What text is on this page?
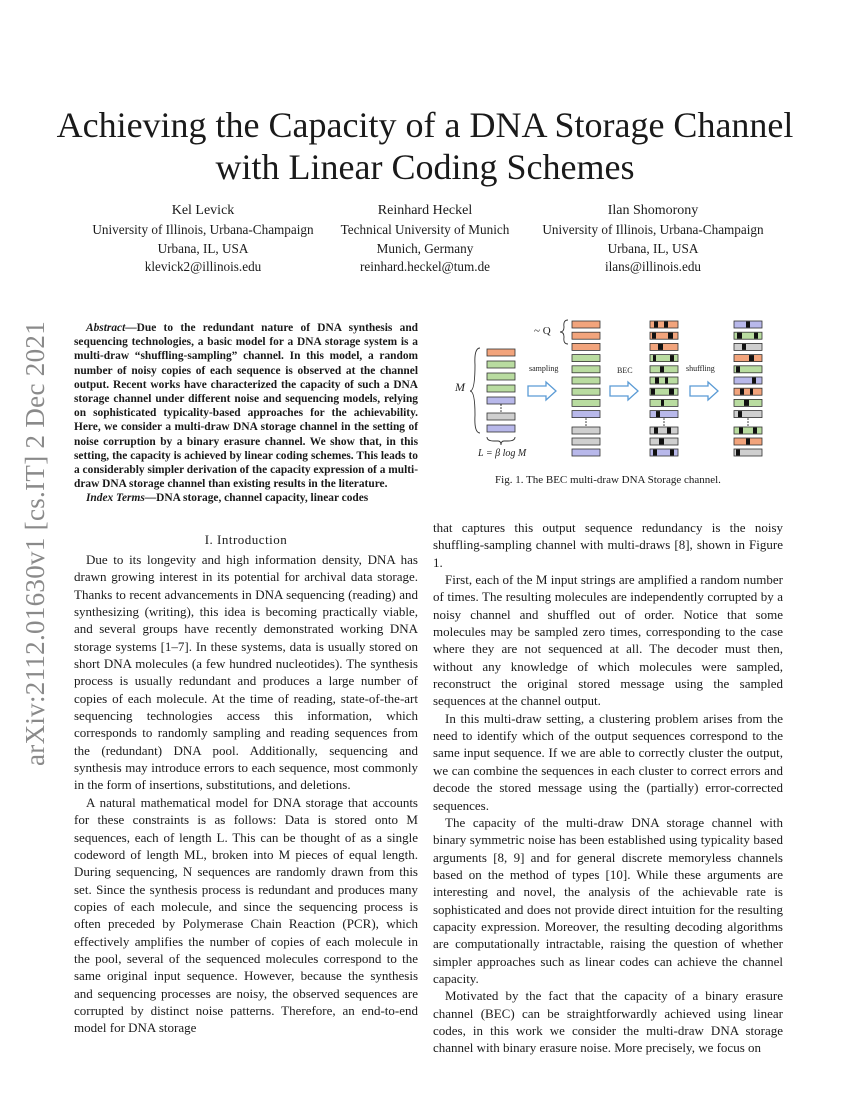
Achieving the Capacity of a DNA Storage Channel
with Linear Coding Schemes
Kel Levick
University of Illinois, Urbana-Champaign
Urbana, IL, USA
klevick2@illinois.edu
Reinhard Heckel
Technical University of Munich
Munich, Germany
reinhard.heckel@tum.de
Ilan Shomorony
University of Illinois, Urbana-Champaign
Urbana, IL, USA
ilans@illinois.edu
arXiv:2112.01630v1 [cs.IT] 2 Dec 2021	Abstract—Due to the redundant nature of DNA synthesis and sequencing technologies, a basic model for a DNA storage system is a multi-draw “shuffling-sampling” channel. In this model, a random number of noisy copies of each sequence is observed at the channel output. Recent works have characterized the capacity of such a DNA storage channel under different noise and sequencing models, relying on sophisticated typicality-based approaches for the achievability. Here, we consider a multi-draw DNA storage channel in the setting of noise corruption by a binary erasure channel. We show that, in this setting, the capacity is achieved by linear coding schemes. This leads to a considerably simpler derivation of the capacity expression of a multi-draw DNA storage channel than existing results in the literature.

Index Terms—DNA storage, channel capacity, linear codes

I. Introduction

Due to its longevity and high information density, DNA has drawn growing interest in its potential for archival data storage. Thanks to recent advancements in DNA sequencing (reading) and synthesizing (writing), this idea is becoming practically viable, and several groups have recently demonstrated working DNA storage systems [1–7]. In these systems, data is usually stored on short DNA molecules (a few hundred nucleotides). The synthesis process is usually redundant and produces a large number of copies of each molecule. At the time of reading, state-of-the-art sequencing technologies access this information, which corresponds to randomly sampling and reading sequences from the (redundant) DNA pool. Additionally, sequencing and synthesis may introduce errors to each sequence, most commonly in the form of insertions, substitutions, and deletions.

A natural mathematical model for DNA storage that accounts for these constraints is as follows: Data is stored onto M sequences, each of length L. This can be thought of as a single codeword of length ML, broken into M pieces of equal length. During sequencing, N sequences are randomly drawn from this set. Since the synthesis process is redundant and produces many copies of each molecule, and since the sequencing process is often preceded by Polymerase Chain Reaction (PCR), which effectively amplifies the number of copies of each molecule in the pool, several of the sequenced molecules correspond to the same original input sequence. However, because the synthesis and sequencing processes are noisy, the observed sequences are corrupted by distinct noise patterns. Therefore, an end-to-end model for DNA storage

that captures this output sequence redundancy is the noisy shuffling-sampling channel with multi-draws [8], shown in Figure 1.

First, each of the M input strings are amplified a random number of times. The resulting molecules are independently corrupted by a noisy channel and shuffled out of order. Notice that some molecules may be sampled zero times, corresponding to the case where they are not sequenced at all. The decoder must then, without any knowledge of which molecules were sampled, reconstruct the original stored message using the sampled sequences at the channel output.

In this multi-draw setting, a clustering problem arises from the need to identify which of the output sequences correspond to the same input sequence. If we are able to correctly cluster the output, we can combine the sequences in each cluster to correct errors and decode the stored message using the (partially) error-corrected sequences.

The capacity of the multi-draw DNA storage channel with binary symmetric noise has been established using typicality based arguments [8, 9] and for general discrete memoryless channels based on the method of types [10]. While these arguments are interesting and novel, the analysis of the achievable rate is sophisticated and does not provide direct intuition for the resulting capacity expression. Moreover, the resulting decoding algorithms are computationally intractable, raising the question of whether simpler approaches such as linear codes can achieve the channel capacity.

Motivated by the fact that the capacity of a binary erasure channel (BEC) can be straightforwardly achieved using linear codes, in this work we consider the multi-draw DNA storage channel with binary erasure noise. More precisely, we focus on

~ Q
M
L = β log M
sampling	BEC	shuffling
Fig. 1. The BEC multi-draw DNA Storage channel.
